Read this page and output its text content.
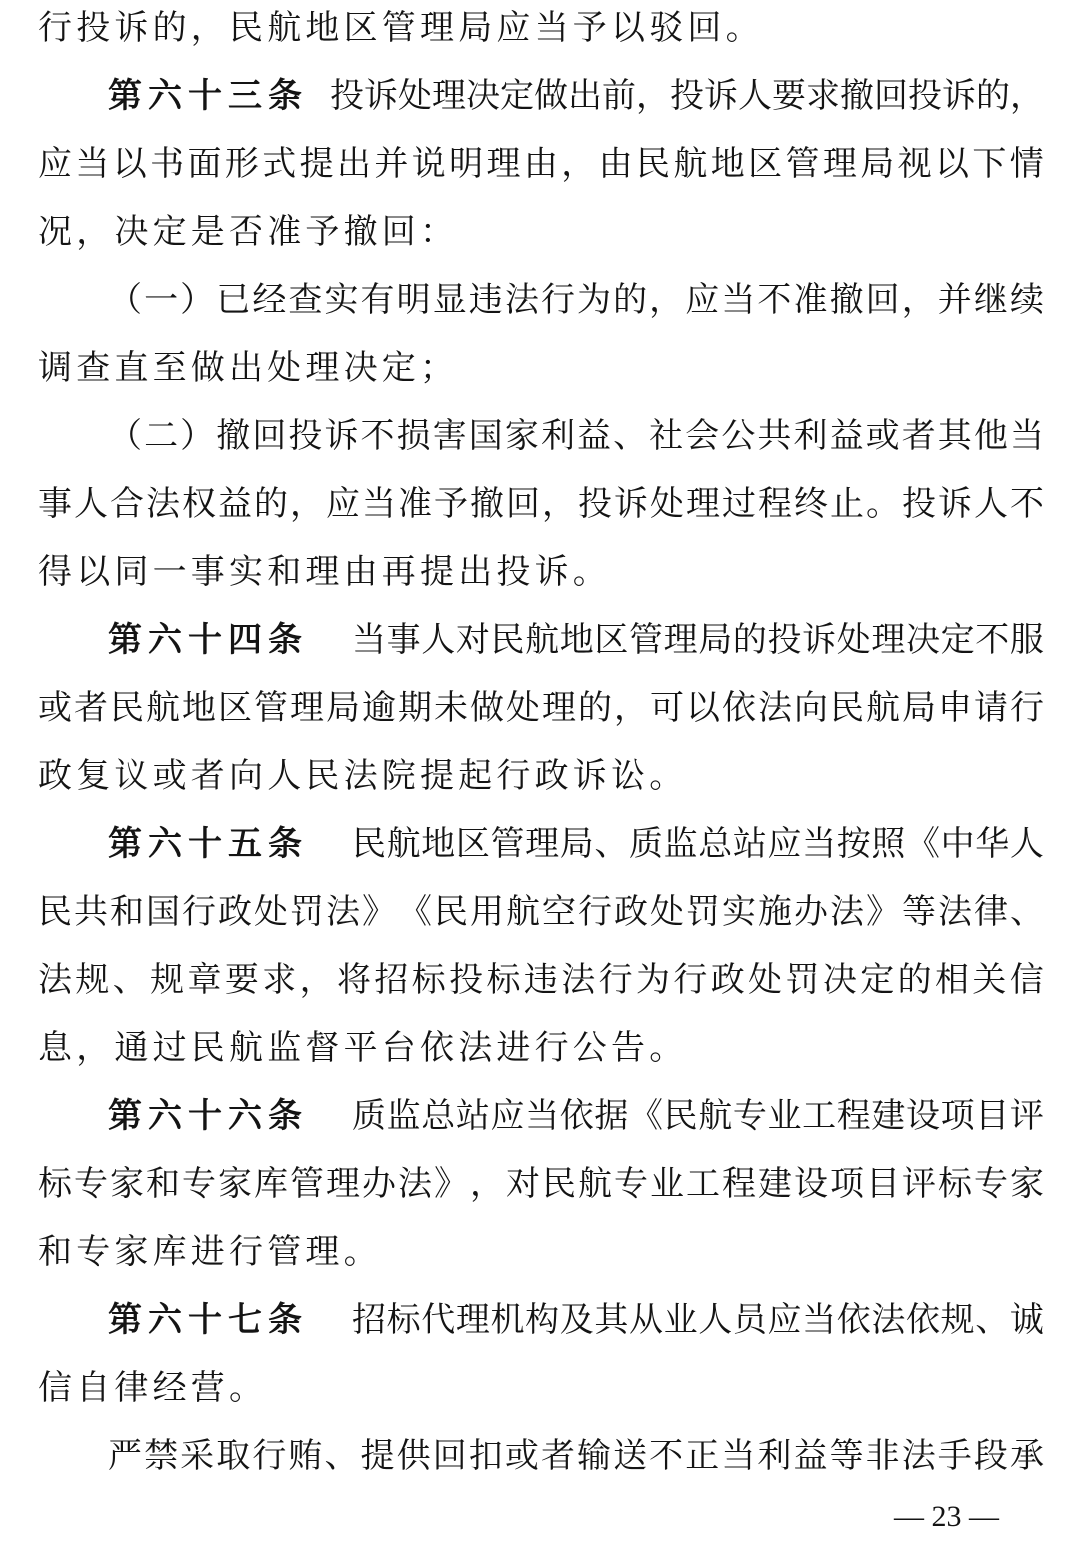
行投诉的，民航地区管理局应当予以驳回。
第六十三条 投 诉 处 理 决 定 做 出 前 ， 投 诉 人 要 求 撤 回 投 诉 的 ，
应 当 以 书 面 形 式 提 出 并 说 明 理 由 ， 由 民 航 地 区 管 理 局 视 以 下 情
况，决定是否准予撤回：
（ 一 ） 已 经 查 实 有 明 显 违 法 行 为 的 ， 应 当 不 准 撤 回 ， 并 继 续
调查直至做出处理决定；
（ 二 ） 撤 回 投 诉 不 损 害 国 家 利 益 、 社 会 公 共 利 益 或 者 其 他 当
事 人 合 法 权 益 的 ， 应 当 准 予 撤 回 ， 投 诉 处 理 过 程 终 止 。 投 诉 人 不
得以同一事实和理由再提出投诉。
第六十四条 当 事 人 对 民 航 地 区 管 理 局 的 投 诉 处 理 决 定 不 服
或 者 民 航 地 区 管 理 局 逾 期 未 做 处 理 的 ， 可 以 依 法 向 民 航 局 申 请 行
政复议或者向人民法院提起行政诉讼。
第六十五条 民 航 地 区 管 理 局 、 质 监 总 站 应 当 按 照 《 中 华 人
民 共 和 国 行 政 处 罚 法 》 《 民 用 航 空 行 政 处 罚 实 施 办 法 》 等 法 律 、
法 规 、 规 章 要 求 ， 将 招 标 投 标 违 法 行 为 行 政 处 罚 决 定 的 相 关 信
息，通过民航监督平台依法进行公告。
第六十六条 质 监 总 站 应 当 依 据 《 民 航 专 业 工 程 建 设 项 目 评
标 专 家 和 专 家 库 管 理 办 法 》 ， 对 民 航 专 业 工 程 建 设 项 目 评 标 专 家
和专家库进行管理。
第六十七条 招 标 代 理 机 构 及 其 从 业 人 员 应 当 依 法 依 规 、 诚
信自律经营。
严 禁 采 取 行 贿 、 提 供 回 扣 或 者 输 送 不 正 当 利 益 等 非 法 手 段 承
— 23 —
